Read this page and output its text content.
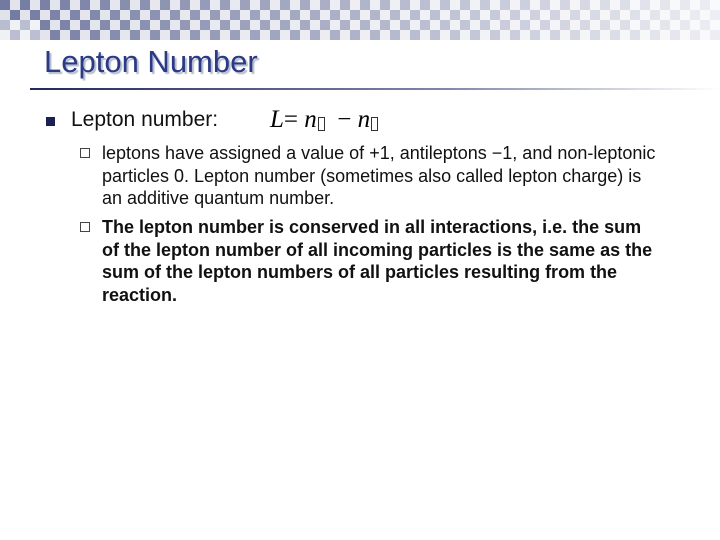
Lepton Number
Lepton number: L= n − n
leptons have assigned a value of +1, antileptons −1, and non-leptonic particles 0. Lepton number (sometimes also called lepton charge) is an additive quantum number.
The lepton number is conserved in all interactions, i.e. the sum of the lepton number of all incoming particles is the same as the sum of the lepton numbers of all particles resulting from the reaction.
